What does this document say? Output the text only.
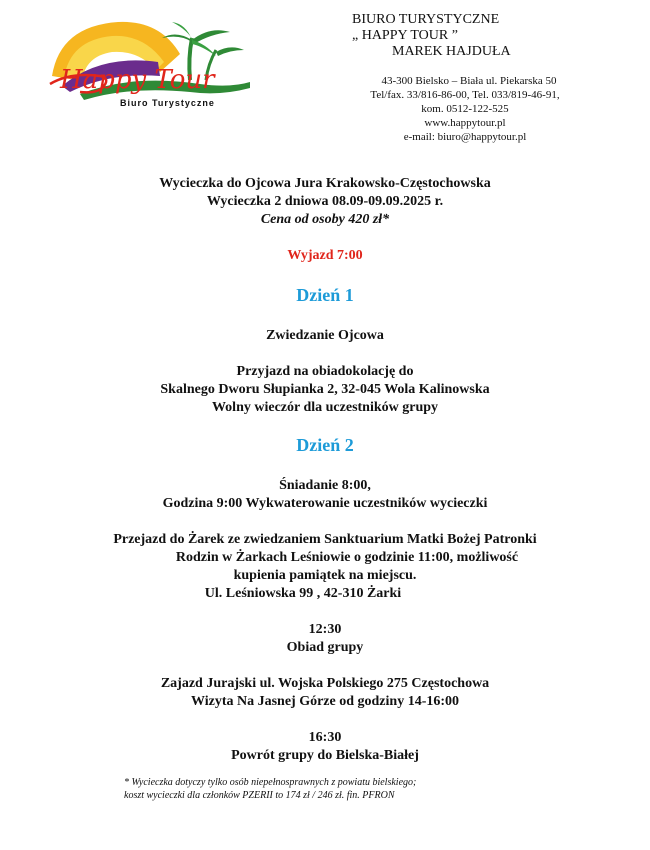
Happy Tour
Biuro Turystyczne
BIURO TURYSTYCZNE
„ HAPPY TOUR ”
MAREK HAJDUŁA
43-300 Bielsko – Biała ul. Piekarska 50
Tel/fax. 33/816-86-00, Tel. 033/819-46-91,
kom. 0512-122-525
www.happytour.pl
e-mail: biuro@happytour.pl
Wycieczka do Ojcowa Jura Krakowsko-Częstochowska
Wycieczka 2 dniowa 08.09-09.09.2025 r.
Cena od osoby 420 zł*
Wyjazd 7:00
Dzień 1
Zwiedzanie Ojcowa
Przyjazd na obiadokolację do
Skalnego Dworu Słupianka 2, 32-045 Wola Kalinowska
Wolny wieczór dla uczestników grupy
Dzień 2
Śniadanie 8:00,
Godzina 9:00 Wykwaterowanie uczestników wycieczki
Przejazd do Żarek ze zwiedzaniem Sanktuarium Matki Bożej Patronki
Rodzin w Żarkach Leśniowie o godzinie 11:00, możliwość
kupienia pamiątek na miejscu.
Ul. Leśniowska 99 , 42-310 Żarki
12:30
Obiad grupy
Zajazd Jurajski ul. Wojska Polskiego 275 Częstochowa
Wizyta Na Jasnej Górze od godziny 14-16:00
16:30
Powrót grupy do Bielska-Białej
* Wycieczka dotyczy tylko osób niepełnosprawnych z powiatu bielskiego;
koszt wycieczki dla członków PZERII to 174 zł / 246 zł. fin. PFRON
